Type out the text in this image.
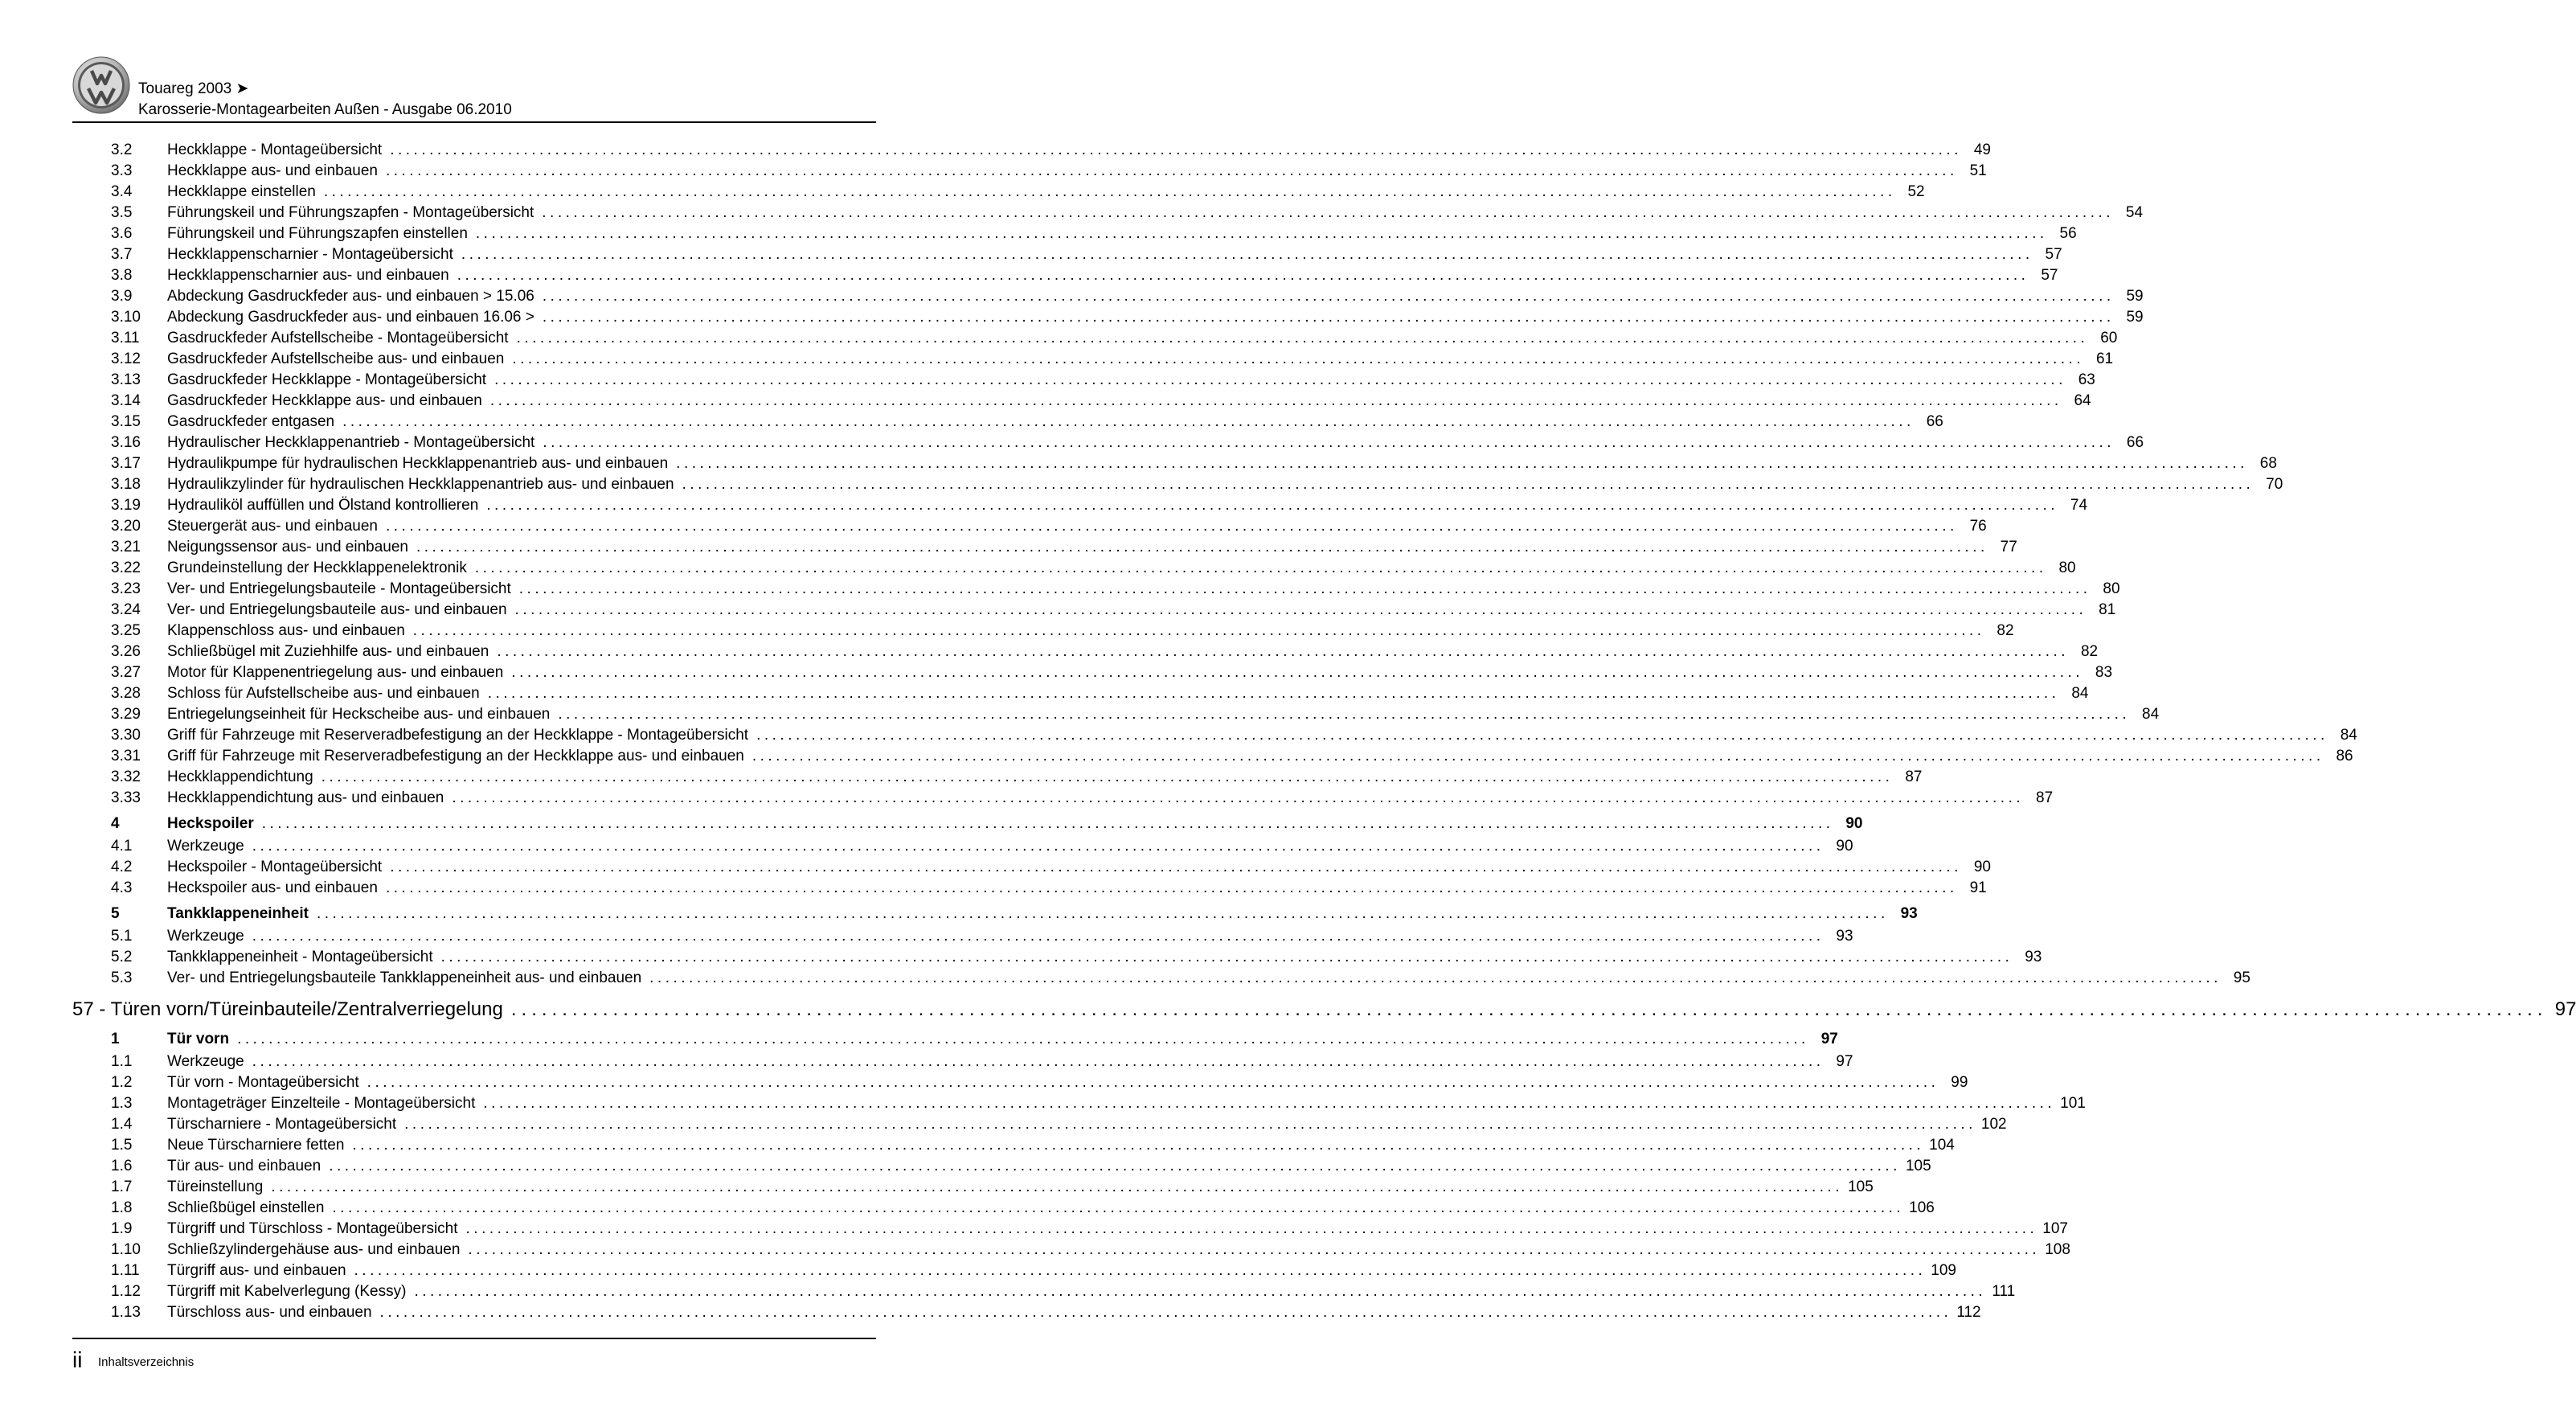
Touareg 2003 ➤
Karosserie-Montagearbeiten Außen - Ausgabe 06.2010
3.2 Heckklappe - Montageübersicht ........................................................................................................................................................................................................ 49
3.3 Heckklappe aus- und einbauen ........................................................................................................................................................................................................ 51
3.4 Heckklappe einstellen ........................................................................................................................................................................................................ 52
3.5 Führungskeil und Führungszapfen - Montageübersicht ........................................................................................................................................................................................................ 54
3.6 Führungskeil und Führungszapfen einstellen ........................................................................................................................................................................................................ 56
3.7 Heckklappenscharnier - Montageübersicht ........................................................................................................................................................................................................ 57
3.8 Heckklappenscharnier aus- und einbauen ........................................................................................................................................................................................................ 57
3.9 Abdeckung Gasdruckfeder aus- und einbauen > 15.06 ........................................................................................................................................................................................................ 59
3.10 Abdeckung Gasdruckfeder aus- und einbauen 16.06 > ........................................................................................................................................................................................................ 59
3.11 Gasdruckfeder Aufstellscheibe - Montageübersicht ........................................................................................................................................................................................................ 60
3.12 Gasdruckfeder Aufstellscheibe aus- und einbauen ........................................................................................................................................................................................................ 61
3.13 Gasdruckfeder Heckklappe - Montageübersicht ........................................................................................................................................................................................................ 63
3.14 Gasdruckfeder Heckklappe aus- und einbauen ........................................................................................................................................................................................................ 64
3.15 Gasdruckfeder entgasen ........................................................................................................................................................................................................ 66
3.16 Hydraulischer Heckklappenantrieb - Montageübersicht ........................................................................................................................................................................................................ 66
3.17 Hydraulikpumpe für hydraulischen Heckklappenantrieb aus- und einbauen ........................................................................................................................................................................................................ 68
3.18 Hydraulikzylinder für hydraulischen Heckklappenantrieb aus- und einbauen ........................................................................................................................................................................................................ 70
3.19 Hydrauliköl auffüllen und Ölstand kontrollieren ........................................................................................................................................................................................................ 74
3.20 Steuergerät aus- und einbauen ........................................................................................................................................................................................................ 76
3.21 Neigungssensor aus- und einbauen ........................................................................................................................................................................................................ 77
3.22 Grundeinstellung der Heckklappenelektronik ........................................................................................................................................................................................................ 80
3.23 Ver- und Entriegelungsbauteile - Montageübersicht ........................................................................................................................................................................................................ 80
3.24 Ver- und Entriegelungsbauteile aus- und einbauen ........................................................................................................................................................................................................ 81
3.25 Klappenschloss aus- und einbauen ........................................................................................................................................................................................................ 82
3.26 Schließbügel mit Zuziehhilfe aus- und einbauen ........................................................................................................................................................................................................ 82
3.27 Motor für Klappenentriegelung aus- und einbauen ........................................................................................................................................................................................................ 83
3.28 Schloss für Aufstellscheibe aus- und einbauen ........................................................................................................................................................................................................ 84
3.29 Entriegelungseinheit für Heckscheibe aus- und einbauen ........................................................................................................................................................................................................ 84
3.30 Griff für Fahrzeuge mit Reserveradbefestigung an der Heckklappe - Montageübersicht ........................................................................................................................................................................................................ 84
3.31 Griff für Fahrzeuge mit Reserveradbefestigung an der Heckklappe aus- und einbauen ........................................................................................................................................................................................................ 86
3.32 Heckklappendichtung ........................................................................................................................................................................................................ 87
3.33 Heckklappendichtung aus- und einbauen ........................................................................................................................................................................................................ 87
4	Heckspoiler ........................................................................................................................................................................................................ 90
4.1 Werkzeuge ........................................................................................................................................................................................................ 90
4.2 Heckspoiler - Montageübersicht ........................................................................................................................................................................................................ 90
4.3 Heckspoiler aus- und einbauen ........................................................................................................................................................................................................ 91
5	Tankklappeneinheit ........................................................................................................................................................................................................ 93
5.1 Werkzeuge ........................................................................................................................................................................................................ 93
5.2 Tankklappeneinheit - Montageübersicht ........................................................................................................................................................................................................ 93
5.3 Ver- und Entriegelungsbauteile Tankklappeneinheit aus- und einbauen ........................................................................................................................................................................................................ 95
57 - Türen vorn/Türeinbauteile/Zentralverriegelung ........................................................................................................................................................................................................ 97
1	Tür vorn ........................................................................................................................................................................................................ 97
1.1 Werkzeuge ........................................................................................................................................................................................................ 97
1.2 Tür vorn - Montageübersicht ........................................................................................................................................................................................................ 99
1.3 Montageträger Einzelteile - Montageübersicht ........................................................................................................................................................................................................ 101
1.4 Türscharniere - Montageübersicht ........................................................................................................................................................................................................ 102
1.5 Neue Türscharniere fetten ........................................................................................................................................................................................................ 104
1.6 Tür aus- und einbauen ........................................................................................................................................................................................................ 105
1.7 Türeinstellung ........................................................................................................................................................................................................ 105
1.8 Schließbügel einstellen ........................................................................................................................................................................................................ 106
1.9 Türgriff und Türschloss - Montageübersicht ........................................................................................................................................................................................................ 107
1.10 Schließzylindergehäuse aus- und einbauen ........................................................................................................................................................................................................ 108
1.11 Türgriff aus- und einbauen ........................................................................................................................................................................................................ 109
1.12 Türgriff mit Kabelverlegung (Kessy) ........................................................................................................................................................................................................ 111
1.13 Türschloss aus- und einbauen ........................................................................................................................................................................................................ 112
ii Inhaltsverzeichnis
